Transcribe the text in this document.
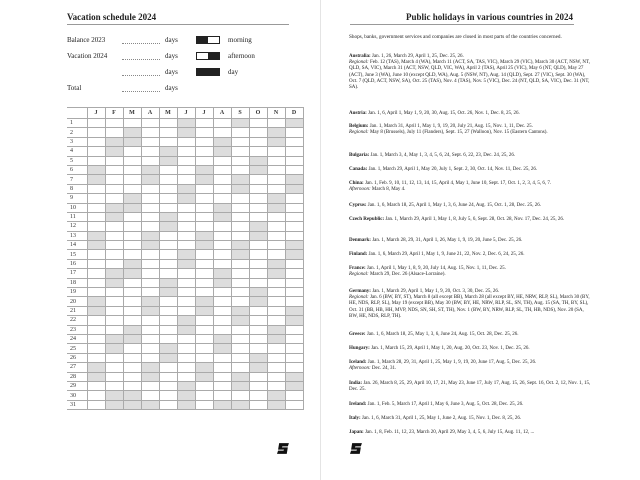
Vacation schedule 2024
Balance 2023	days
Vacation 2024	days
days
Total	days
morning
afternoon
day
	J	F	M	A	M	J	J	A	S	O	N	D
1												
2												
3												
4												
5												
6												
7												
8												
9												
10												
11												
12												
13												
14												
15												
16												
17												
18												
19												
20												
21												
22												
23												
24												
25												
26												
27												
28												
29												
30												
31												
Public holidays in various countries in 2024
Shops, banks, government services and companies are closed in most parts of the countries concerned.
Australia: Jan. 1, 26, March 29, April 1, 25, Dec. 25, 26.
Regional: Feb. 12 (TAS), March 4 (WA), March 11 (ACT, SA, TAS, VIC), March 29 (VIC), March 30 (ACT, NSW, NT, QLD, SA, VIC), March 31 (ACT, NSW, QLD, VIC, WA), April 2 (TAS), April 25 (VIC), May 6 (NT, QLD), May 27 (ACT), June 3 (WA), June 10 (except QLD, WA), Aug. 5 (NSW, NT), Aug. 14 (QLD), Sept. 27 (VIC), Sept. 30 (WA), Oct. 7 (QLD, ACT, NSW, SA), Oct. 25 (TAS), Nov. 4 (TAS), Nov. 5 (VIC), Dec. 24 (NT, QLD, SA, VIC), Dec. 31 (NT, SA).
Austria: Jan. 1, 6, April 1, May 1, 9, 20, 30, Aug. 15, Oct. 26, Nov. 1, Dec. 8, 25, 26.
Belgium: Jan. 1, March 31, April 1, May 1, 9, 19, 20, July 21, Aug. 15, Nov. 1, 11, Dec. 25.
Regional: May 8 (Brussels), July 11 (Flanders), Sept. 15, 27 (Walloon), Nov. 15 (Eastern Cantons).
Bulgaria: Jan. 1, March 3, 4, May 1, 3, 4, 5, 6, 24, Sept. 6, 22, 23, Dec. 24, 25, 26.
Canada: Jan. 1, March 29, April 1, May 20, July 1, Sept. 2, 30, Oct. 14, Nov. 11, Dec. 25, 26.
China: Jan. 1, Feb. 9, 10, 11, 12, 13, 14, 15, April 4, May 1, June 10, Sept. 17, Oct. 1, 2, 3, 4, 5, 6, 7.
Afternoon: March 8, May 4.
Cyprus: Jan. 1, 6, March 18, 25, April 1, May 1, 3, 6, June 24, Aug. 15, Oct. 1, 28, Dec. 25, 26.
Czech Republic: Jan. 1, March 29, April 1, May 1, 8, July 5, 6, Sept. 28, Oct. 28, Nov. 17, Dec. 24, 25, 26.
Denmark: Jan. 1, March 28, 29, 31, April 1, 26, May 1, 9, 19, 20, June 5, Dec. 25, 26.
Finland: Jan. 1, 6, March 29, April 1, May 1, 9, June 21, 22, Nov. 2, Dec. 6, 24, 25, 26.
France: Jan. 1, April 1, May 1, 8, 9, 20, July 14, Aug. 15, Nov. 1, 11, Dec. 25.
Regional: March 29, Dec. 26 (Alsace-Lorraine).
Germany: Jan. 1, March 29, April 1, May 1, 9, 20, Oct. 3, 30, Dec. 25, 26.
Regional: Jan. 6 (BW, BY, ST), March 8 (all except BB), March 28 (all except BY, HE, NRW, RLP, SL), March 30 (BY, HE, NDS, RLP, SL), May 19 (except BB), May 30 (BW, BY, HE, NRW, RLP, SL, SN, TH), Aug. 15 (SA, TH, BY, SL), Oct. 31 (BB, HB, HH, MVP, NDS, SN, SH, ST, TH), Nov. 1 (BW, BY, NRW, RLP, SL, TH, HB, NDS), Nov. 20 (SA, BW, HE, NDS, RLP, TH).
Greece: Jan. 1, 6, March 18, 25, May 1, 3, 6, June 24, Aug. 15, Oct. 28, Dec. 25, 26.
Hungary: Jan. 1, March 15, 29, April 1, May 1, 20, Aug. 20, Oct. 23, Nov. 1, Dec. 25, 26.
Iceland: Jan. 1, March 28, 29, 31, April 1, 25, May 1, 9, 19, 20, June 17, Aug. 5, Dec. 25, 26.
Afternoon: Dec. 24, 31.
India: Jan. 26, March 8, 25, 29, April 10, 17, 21, May 23, June 17, July 17, Aug. 15, 26, Sept. 16, Oct. 2, 12, Nov. 1, 15, Dec. 25.
Ireland: Jan. 1, Feb. 5, March 17, April 1, May 6, June 3, Aug. 5, Oct. 28, Dec. 25, 26.
Italy: Jan. 1, 6, March 31, April 1, 25, May 1, June 2, Aug. 15, Nov. 1, Dec. 8, 25, 26.
Japan: Jan. 1, 8, Feb. 11, 12, 23, March 20, April 29, May 3, 4, 5, 6, July 15, Aug. 11, 12, ...
